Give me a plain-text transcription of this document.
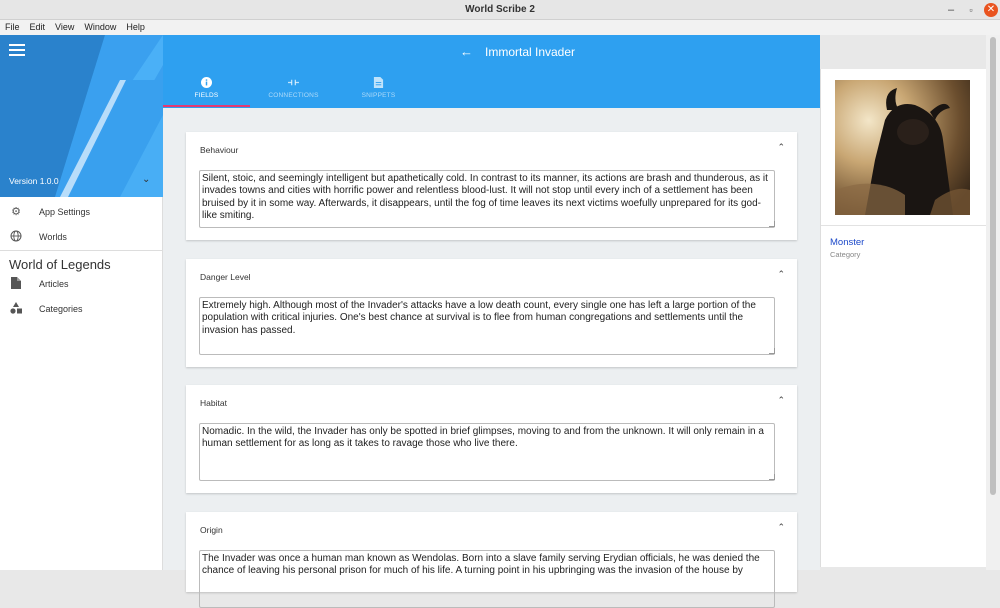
World Scribe 2	–	▫	✕
File	Edit	View	Window	Help
Version 1.0.0	⌄
⚙ App Settings
Worlds
World of Legends
Articles
Categories
← Immortal Invader
FIELDS	CONNECTIONS	SNIPPETS
Behaviour	⌃
Silent, stoic, and seemingly intelligent but apathetically cold. In contrast to its manner, its actions are brash and thunderous, as it invades towns and cities with horrific power and relentless blood-lust. It will not stop until every inch of a settlement has been bruised by it in some way. Afterwards, it disappears, until the fog of time leaves its next victims woefully unprepared for its god-like smiting.
Danger Level	⌃
Extremely high. Although most of the Invader's attacks have a low death count, every single one has left a large portion of the population with critical injuries. One's best chance at survival is to flee from human congregations and settlements until the invasion has passed.
Habitat	⌃
Nomadic. In the wild, the Invader has only be spotted in brief glimpses, moving to and from the unknown. It will only remain in a human settlement for as long as it takes to ravage those who live there.
Origin	⌃
The Invader was once a human man known as Wendolas. Born into a slave family serving Erydian officials, he was denied the chance of leaving his personal prison for much of his life. A turning point in his upbringing was the invasion of the house by
Monster
Category
